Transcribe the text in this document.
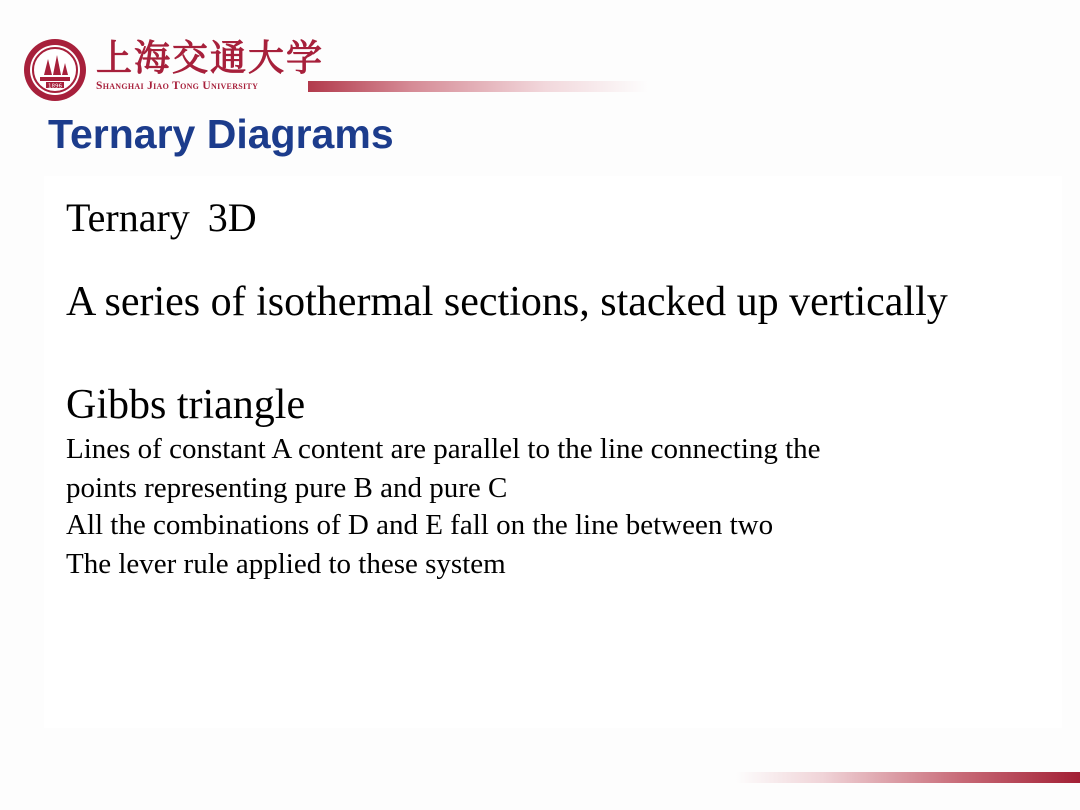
1896
上海交通大学
Shanghai Jiao Tong University
Ternary Diagrams
Ternary 3D
A series of isothermal sections, stacked up vertically
Gibbs triangle
Lines of constant A content are parallel to the line connecting the
points representing pure B and pure C
All the combinations of D and E fall on the line between two
The lever rule applied to these system
